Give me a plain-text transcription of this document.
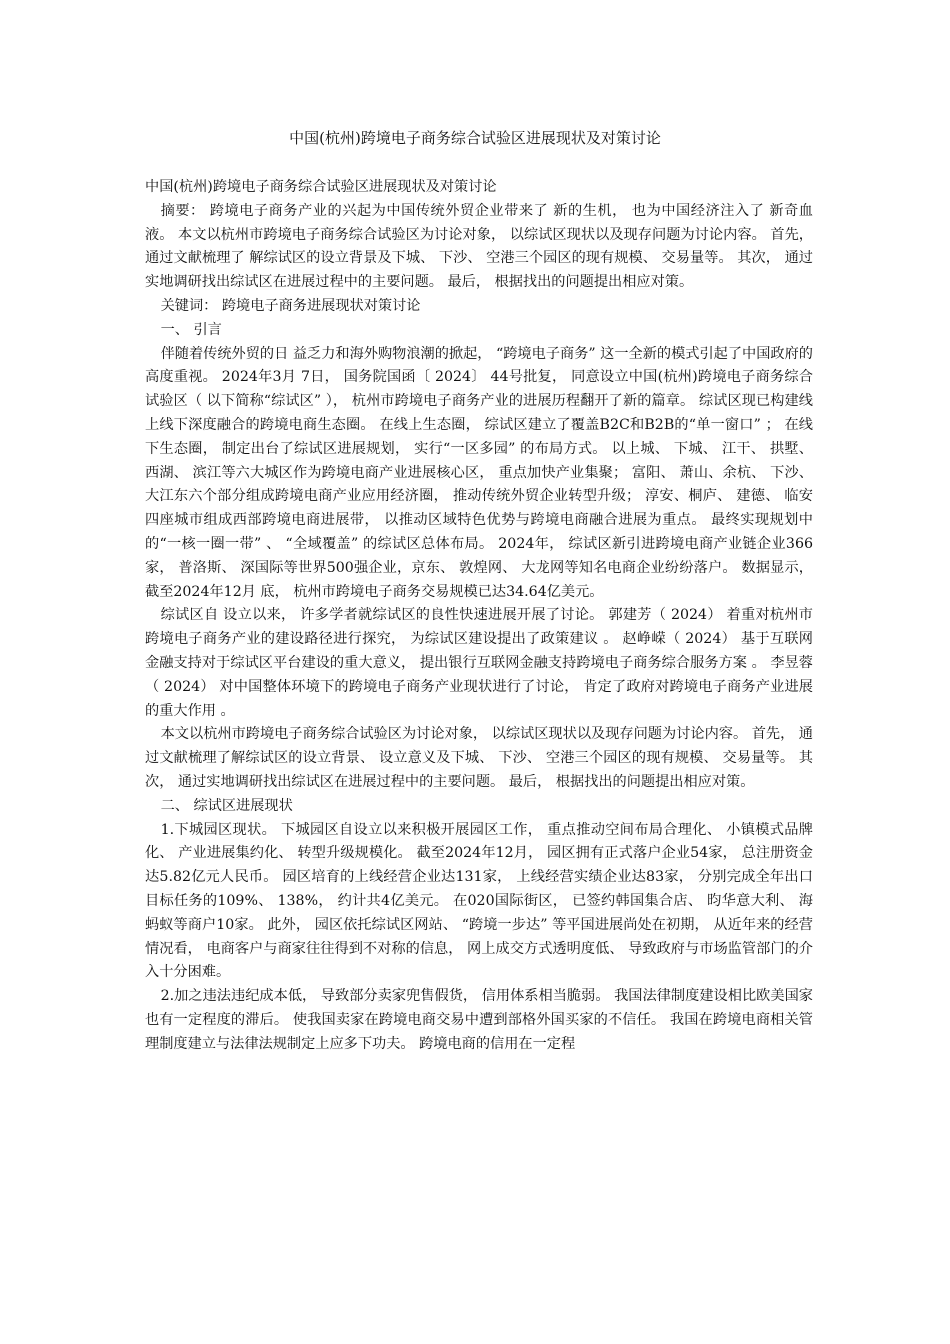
中国(杭州)跨境电子商务综合试验区进展现状及对策讨论

中国(杭州)跨境电子商务综合试验区进展现状及对策讨论

摘要： 跨境电子商务产业的兴起为中国传统外贸企业带来了 新的生机， 也为中国经济注入了 新奇血液。 本文以杭州市跨境电子商务综合试验区为讨论对象， 以综试区现状以及现存问题为讨论内容。 首先， 通过文献梳理了 解综试区的设立背景及下城、 下沙、 空港三个园区的现有规模、 交易量等。 其次， 通过实地调研找出综试区在进展过程中的主要问题。 最后， 根据找出的问题提出相应对策。

关键词： 跨境电子商务进展现状对策讨论

一、 引言

伴随着传统外贸的日 益乏力和海外购物浪潮的掀起， “跨境电子商务” 这一全新的模式引起了中国政府的高度重视。 2024年3月 7日， 国务院国函〔 2024〕 44号批复， 同意设立中国(杭州)跨境电子商务综合试验区（ 以下简称“综试区” ）， 杭州市跨境电子商务产业的进展历程翻开了新的篇章。 综试区现已构建线上线下深度融合的跨境电商生态圈。 在线上生态圈， 综试区建立了覆盖B2C和B2B的“单一窗口” ； 在线下生态圈， 制定出台了综试区进展规划， 实行“一区多园” 的布局方式。 以上城、 下城、 江干、 拱墅、 西湖、 滨江等六大城区作为跨境电商产业进展核心区， 重点加快产业集聚； 富阳、 萧山、余杭、 下沙、 大江东六个部分组成跨境电商产业应用经济圈， 推动传统外贸企业转型升级； 淳安、桐庐、 建德、 临安四座城市组成西部跨境电商进展带， 以推动区域特色优势与跨境电商融合进展为重点。 最终实现规划中的“一核一圈一带” 、 “全域覆盖” 的综试区总体布局。 2024年， 综试区新引进跨境电商产业链企业366家， 普洛斯、 深国际等世界500强企业，京东、 敦煌网、 大龙网等知名电商企业纷纷落户。 数据显示， 截至2024年12月 底， 杭州市跨境电子商务交易规模已达34.64亿美元。

综试区自 设立以来， 许多学者就综试区的良性快速进展开展了讨论。 郭建芳（ 2024） 着重对杭州市跨境电子商务产业的建设路径进行探究， 为综试区建设提出了政策建议 。 赵峥嵘（ 2024） 基于互联网金融支持对于综试区平台建设的重大意义， 提出银行互联网金融支持跨境电子商务综合服务方案 。 李昱蓉（ 2024） 对中国整体环境下的跨境电子商务产业现状进行了讨论， 肯定了政府对跨境电子商务产业进展的重大作用 。

本文以杭州市跨境电子商务综合试验区为讨论对象， 以综试区现状以及现存问题为讨论内容。 首先， 通过文献梳理了解综试区的设立背景、 设立意义及下城、 下沙、 空港三个园区的现有规模、 交易量等。 其次， 通过实地调研找出综试区在进展过程中的主要问题。 最后， 根据找出的问题提出相应对策。

二、 综试区进展现状

1.下城园区现状。 下城园区自设立以来积极开展园区工作， 重点推动空间布局合理化、 小镇模式品牌化、 产业进展集约化、 转型升级规模化。 截至2024年12月， 园区拥有正式落户企业54家， 总注册资金达5.82亿元人民币。 园区培育的上线经营企业达131家， 上线经营实绩企业达83家， 分别完成全年出口目标任务的109%、 138%， 约计共4亿美元。 在020国际街区， 已签约韩国集合店、 昀华意大利、 海蚂蚁等商户10家。 此外， 园区依托综试区网站、 “跨境一步达” 等平国进展尚处在初期， 从近年来的经营情况看， 电商客户与商家往往得到不对称的信息， 网上成交方式透明度低、 导致政府与市场监管部门的介入十分困难。

2.加之违法违纪成本低， 导致部分卖家兜售假货， 信用体系相当脆弱。 我国法律制度建设相比欧美国家也有一定程度的滞后。 使我国卖家在跨境电商交易中遭到部格外国买家的不信任。 我国在跨境电商相关管理制度建立与法律法规制定上应多下功夫。 跨境电商的信用在一定程
